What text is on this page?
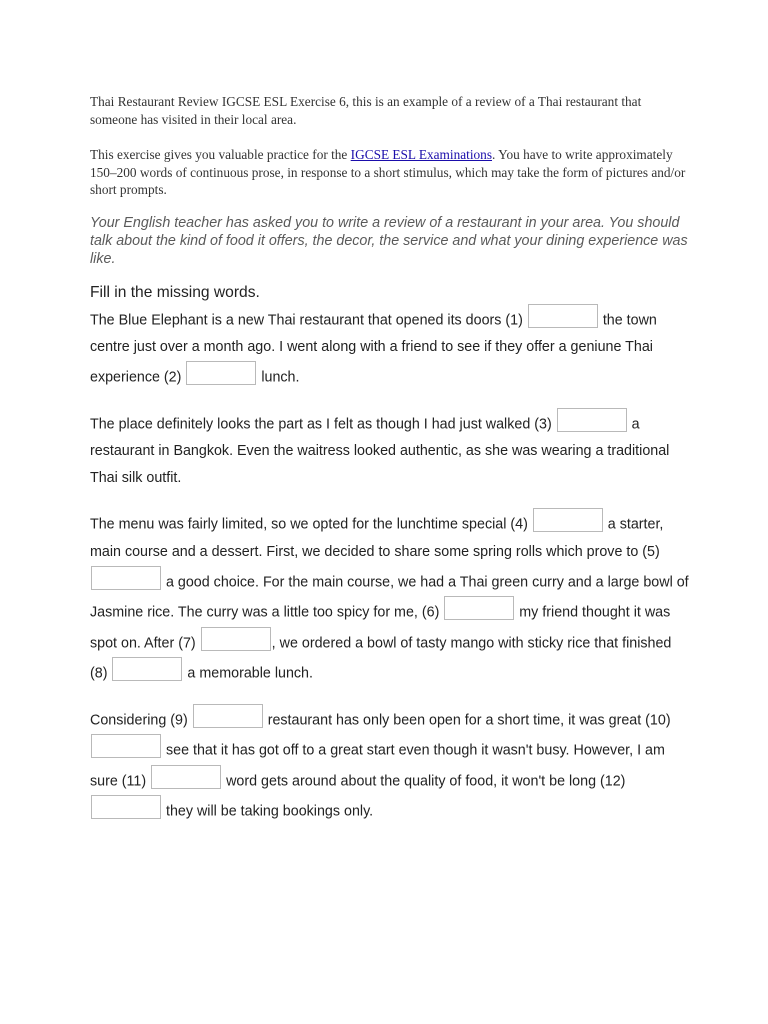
Thai Restaurant Review IGCSE ESL Exercise 6, this is an example of a review of a Thai restaurant that someone has visited in their local area.

This exercise gives you valuable practice for the IGCSE ESL Examinations. You have to write approximately 150–200 words of continuous prose, in response to a short stimulus, which may take the form of pictures and/or short prompts.

Your English teacher has asked you to write a review of a restaurant in your area. You should talk about the kind of food it offers, the decor, the service and what your dining experience was like.

Fill in the missing words.

The Blue Elephant is a new Thai restaurant that opened its doors (1)	the town centre just over a month ago. I went along with a friend to see if they offer a geniune Thai experience (2)	lunch.

The place definitely looks the part as I felt as though I had just walked (3)	a restaurant in Bangkok. Even the waitress looked authentic, as she was wearing a traditional Thai silk outfit.

The menu was fairly limited, so we opted for the lunchtime special (4)	a starter, main course and a dessert. First, we decided to share some spring rolls which prove to (5)  a good choice. For the main course, we had a Thai green curry and a large bowl of Jasmine rice. The curry was a little too spicy for me, (6)	my friend thought it was spot on. After (7)	, we ordered a bowl of tasty mango with sticky rice that finished (8)	a memorable lunch.

Considering (9)	restaurant has only been open for a short time, it was great (10)  see that it has got off to a great start even though it wasn't busy. However, I am sure (11)	word gets around about the quality of food, it won't be long (12)  they will be taking bookings only.
